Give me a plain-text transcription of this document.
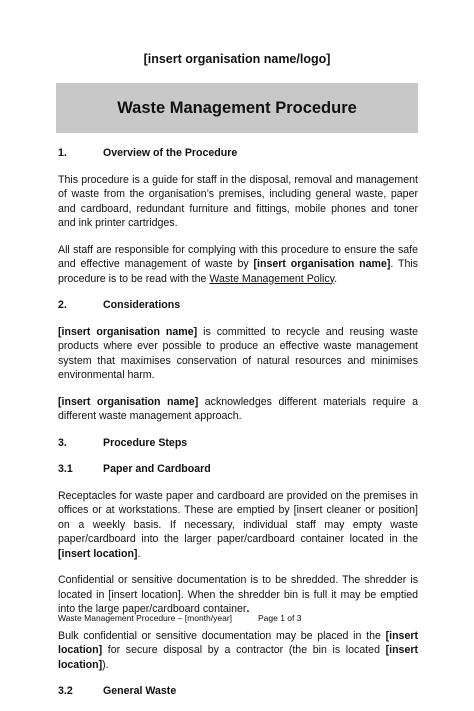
[insert organisation name/logo]
Waste Management Procedure
1.	Overview of the Procedure

This procedure is a guide for staff in the disposal, removal and management of waste from the organisation’s premises, including general waste, paper and cardboard, redundant furniture and fittings, mobile phones and toner and ink printer cartridges.

All staff are responsible for complying with this procedure to ensure the safe and effective management of waste by [insert organisation name]. This procedure is to be read with the Waste Management Policy.

2.	Considerations

[insert organisation name] is committed to recycle and reusing waste products where ever possible to produce an effective waste management system that maximises conservation of natural resources and minimises environmental harm.

[insert organisation name] acknowledges different materials require a different waste management approach.

3.	Procedure Steps
3.1	Paper and Cardboard

Receptacles for waste paper and cardboard are provided on the premises in offices or at workstations. These are emptied by [insert cleaner or position] on a weekly basis. If necessary, individual staff may empty waste paper/cardboard into the larger paper/cardboard container located in the [insert location].

Confidential or sensitive documentation is to be shredded. The shredder is located in [insert location]. When the shredder bin is full it may be emptied into the large paper/cardboard container.

Bulk confidential or sensitive documentation may be placed in the [insert location] for secure disposal by a contractor (the bin is located [insert location]).

3.2	General Waste
Waste Management Procedure – [month/year]	Page 1 of 3
